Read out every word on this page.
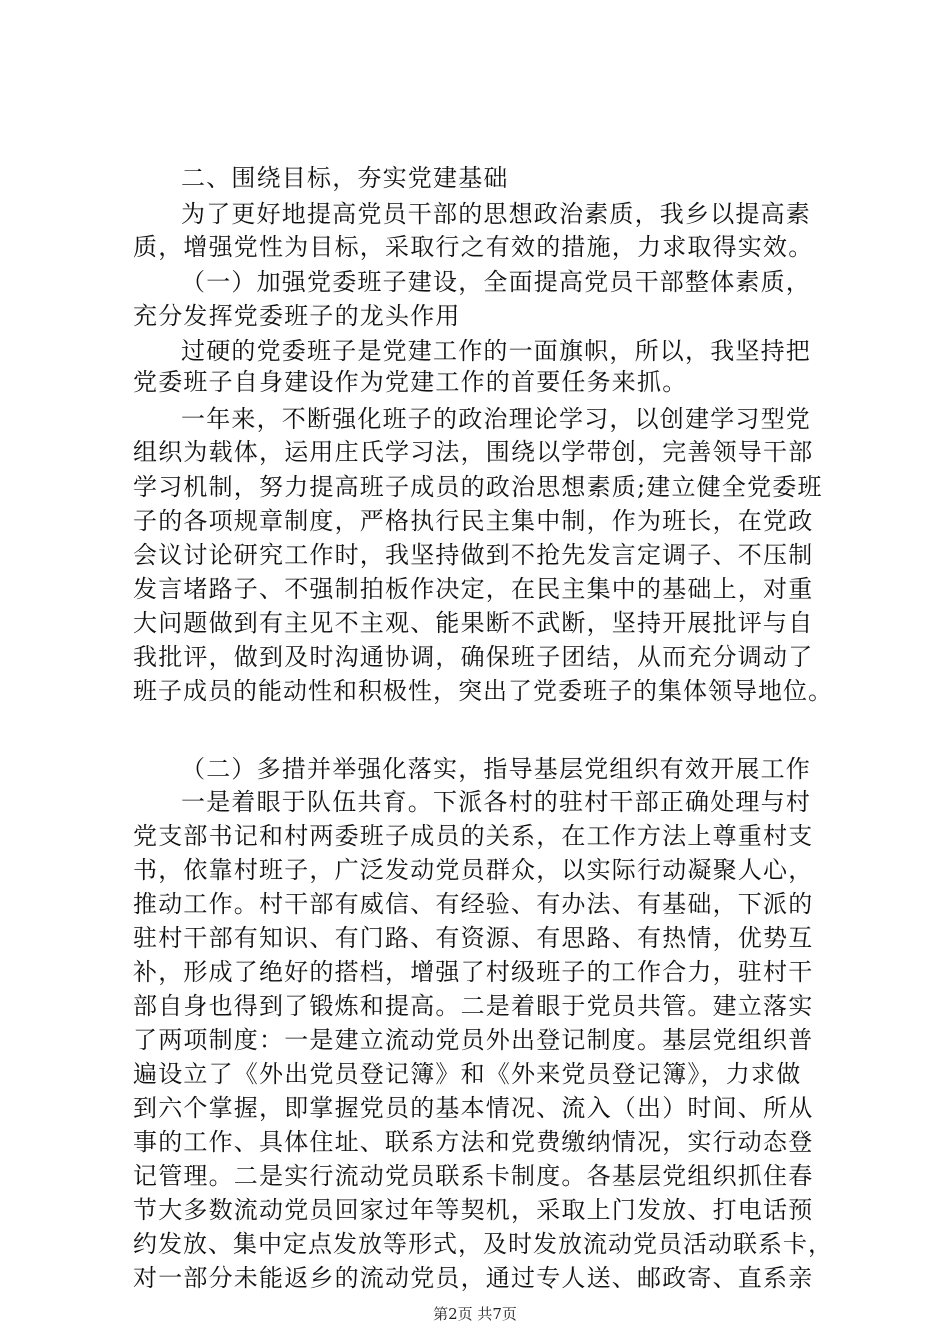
二、围绕目标，夯实党建基础
为了更好地提高党员干部的思想政治素质，我乡以提高素
质，增强党性为目标，采取行之有效的措施，力求取得实效。
（一）加强党委班子建设，全面提高党员干部整体素质，
充分发挥党委班子的龙头作用
过硬的党委班子是党建工作的一面旗帜，所以，我坚持把
党委班子自身建设作为党建工作的首要任务来抓。
一年来，不断强化班子的政治理论学习，以创建学习型党
组织为载体，运用庄氏学习法，围绕以学带创，完善领导干部
学习机制，努力提高班子成员的政治思想素质;建立健全党委班
子的各项规章制度，严格执行民主集中制，作为班长，在党政
会议讨论研究工作时，我坚持做到不抢先发言定调子、不压制
发言堵路子、不强制拍板作决定，在民主集中的基础上，对重
大问题做到有主见不主观、能果断不武断，坚持开展批评与自
我批评，做到及时沟通协调，确保班子团结，从而充分调动了
班子成员的能动性和积极性，突出了党委班子的集体领导地位。
（二）多措并举强化落实，指导基层党组织有效开展工作
一是着眼于队伍共育。下派各村的驻村干部正确处理与村
党支部书记和村两委班子成员的关系，在工作方法上尊重村支
书，依靠村班子，广泛发动党员群众，以实际行动凝聚人心，
推动工作。村干部有威信、有经验、有办法、有基础，下派的
驻村干部有知识、有门路、有资源、有思路、有热情，优势互
补，形成了绝好的搭档，增强了村级班子的工作合力，驻村干
部自身也得到了锻炼和提高。二是着眼于党员共管。建立落实
了两项制度：一是建立流动党员外出登记制度。基层党组织普
遍设立了《外出党员登记簿》和《外来党员登记簿》，力求做
到六个掌握，即掌握党员的基本情况、流入（出）时间、所从
事的工作、具体住址、联系方法和党费缴纳情况，实行动态登
记管理。二是实行流动党员联系卡制度。各基层党组织抓住春
节大多数流动党员回家过年等契机，采取上门发放、打电话预
约发放、集中定点发放等形式，及时发放流动党员活动联系卡，
对一部分未能返乡的流动党员，通过专人送、邮政寄、直系亲
第2页 共7页
